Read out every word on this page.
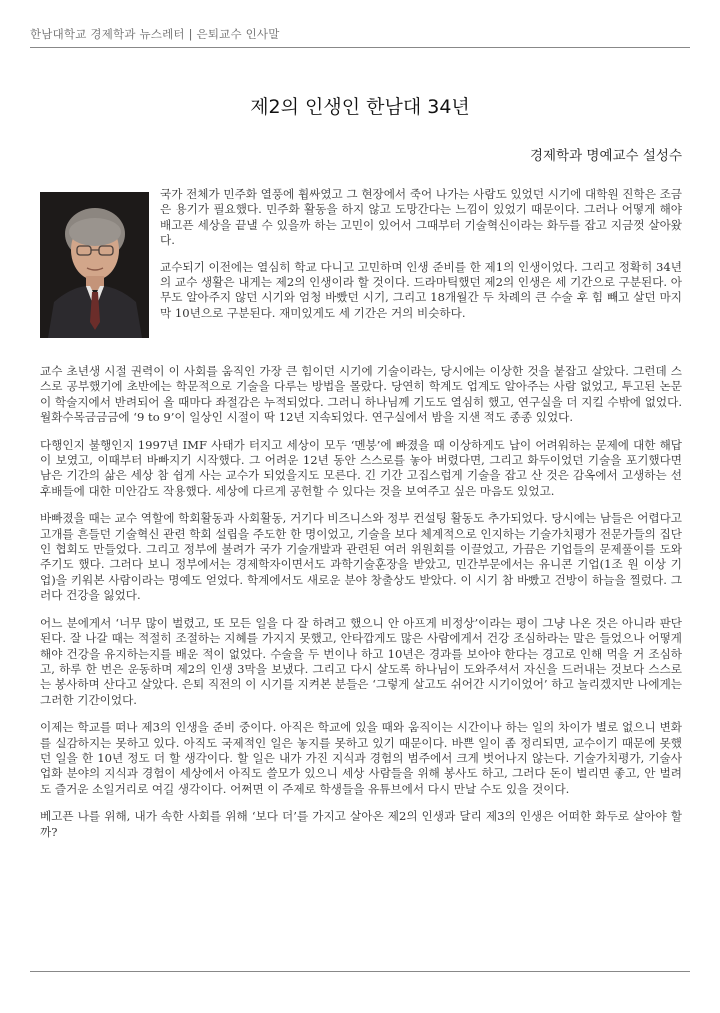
한남대학교 경제학과 뉴스레터 | 은퇴교수 인사말
제2의 인생인 한남대 34년
경제학과 명예교수 설성수

국가 전체가 민주화 열풍에 휩싸였고 그 현장에서 죽어 나가는 사람도 있었던 시기에 대학원 진학은 조금은 용기가 필요했다. 민주화 활동을 하지 않고 도망간다는 느낌이 있었기 때문이다. 그러나 어떻게 해야 배고픈 세상을 끝낼 수 있을까 하는 고민이 있어서 그때부터 기술혁신이라는 화두를 잡고 지금껏 살아왔다.

교수되기 이전에는 열심히 학교 다니고 고민하며 인생 준비를 한 제1의 인생이었다. 그리고 정확히 34년의 교수 생활은 내게는 제2의 인생이라 할 것이다. 드라마틱했던 제2의 인생은 세 기간으로 구분된다. 아무도 알아주지 않던 시기와 엄청 바빴던 시기, 그리고 18개월간 두 차례의 큰 수술 후 힘 빼고 살던 마지막 10년으로 구분된다. 재미있게도 세 기간은 거의 비슷하다.

교수 초년생 시절 권력이 이 사회를 움직인 가장 큰 힘이던 시기에 기술이라는, 당시에는 이상한 것을 붙잡고 살았다. 그런데 스스로 공부했기에 초반에는 학문적으로 기술을 다루는 방법을 몰랐다. 당연히 학계도 업계도 알아주는 사람 없었고, 투고된 논문이 학술지에서 반려되어 올 때마다 좌절감은 누적되었다. 그러니 하나님께 기도도 열심히 했고, 연구실을 더 지킬 수밖에 없었다. 월화수목금금금에 ‘9 to 9’이 일상인 시절이 딱 12년 지속되었다. 연구실에서 밤을 지샌 적도 종종 있었다.

다행인지 불행인지 1997년 IMF 사태가 터지고 세상이 모두 ‘멘붕’에 빠졌을 때 이상하게도 납이 어려워하는 문제에 대한 해답이 보였고, 이때부터 바빠지기 시작했다. 그 어려운 12년 동안 스스로를 놓아 버렸다면, 그리고 화두이었던 기술을 포기했다면 남은 기간의 삶은 세상 참 쉽게 사는 교수가 되었을지도 모른다. 긴 기간 고집스럽게 기술을 잡고 산 것은 감옥에서 고생하는 선후배들에 대한 미안감도 작용했다. 세상에 다르게 공헌할 수 있다는 것을 보여주고 싶은 마음도 있었고.

바빠졌을 때는 교수 역할에 학회활동과 사회활동, 거기다 비즈니스와 정부 컨설팅 활동도 추가되었다. 당시에는 남들은 어렵다고 고개를 흔들던 기술혁신 관련 학회 설립을 주도한 한 명이었고, 기술을 보다 체계적으로 인지하는 기술가치평가 전문가들의 집단인 협회도 만들었다. 그리고 정부에 불려가 국가 기술개발과 관련된 여러 위원회를 이끌었고, 가끔은 기업들의 문제풀이를 도와주기도 했다. 그러다 보니 정부에서는 경제학자이면서도 과학기술훈장을 받았고, 민간부문에서는 유니콘 기업(1조 원 이상 기업)을 키워본 사람이라는 명예도 얻었다. 학계에서도 새로운 분야 창출상도 받았다. 이 시기 참 바빴고 건방이 하늘을 찔렀다. 그러다 건강을 잃었다.

어느 분에게서 ‘너무 많이 벌렸고, 또 모든 일을 다 잘 하려고 했으니 안 아프게 비정상’이라는 평이 그냥 나온 것은 아니라 판단된다. 잘 나갈 때는 적절히 조절하는 지혜를 가지지 못했고, 안타깝게도 많은 사람에게서 건강 조심하라는 말은 들었으나 어떻게 해야 건강을 유지하는지를 배운 적이 없었다. 수술을 두 번이나 하고 10년은 경과를 보아야 한다는 경고로 인해 먹을 거 조심하고, 하루 한 번은 운동하며 제2의 인생 3막을 보냈다. 그리고 다시 살도록 하나님이 도와주셔서 자신을 드러내는 것보다 스스로는 봉사하며 산다고 살았다. 은퇴 직전의 이 시기를 지켜본 분들은 ‘그렇게 살고도 쉬어간 시기이었어’ 하고 놀리겠지만 나에게는 그러한 기간이었다.

이제는 학교를 떠나 제3의 인생을 준비 중이다. 아직은 학교에 있을 때와 움직이는 시간이나 하는 일의 차이가 별로 없으니 변화를 실감하지는 못하고 있다. 아직도 국제적인 일은 놓지를 못하고 있기 때문이다. 바쁜 일이 좀 정리되면, 교수이기 때문에 못했던 일을 한 10년 정도 더 할 생각이다. 할 일은 내가 가진 지식과 경험의 범주에서 크게 벗어나지 않는다. 기술가치평가, 기술사업화 분야의 지식과 경험이 세상에서 아직도 쓸모가 있으니 세상 사람들을 위해 봉사도 하고, 그러다 돈이 벌리면 좋고, 안 벌려도 즐거운 소일거리로 여길 생각이다. 어쩌면 이 주제로 학생들을 유튜브에서 다시 만날 수도 있을 것이다.

베고픈 나를 위해, 내가 속한 사회를 위해 ‘보다 더’를 가지고 살아온 제2의 인생과 달리 제3의 인생은 어떠한 화두로 살아야 할까?
